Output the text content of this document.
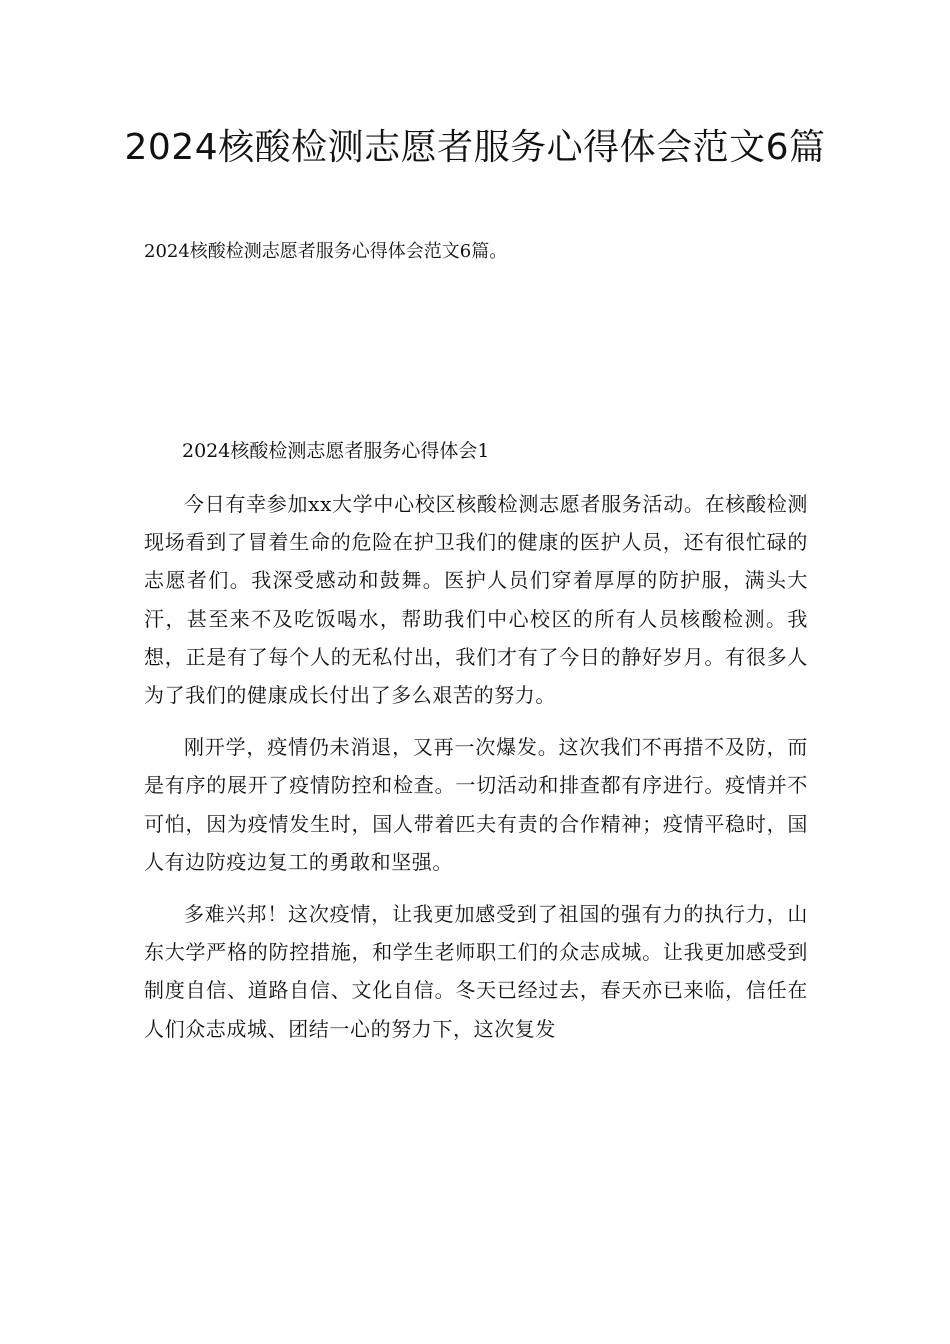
2024核酸检测志愿者服务心得体会范文6篇

2024核酸检测志愿者服务心得体会范文6篇。

2024核酸检测志愿者服务心得体会1

今日有幸参加xx大学中心校区核酸检测志愿者服务活动。在核酸检测现场看到了冒着生命的危险在护卫我们的健康的医护人员，还有很忙碌的志愿者们。我深受感动和鼓舞。医护人员们穿着厚厚的防护服，满头大汗，甚至来不及吃饭喝水，帮助我们中心校区的所有人员核酸检测。我想，正是有了每个人的无私付出，我们才有了今日的静好岁月。有很多人为了我们的健康成长付出了多么艰苦的努力。

刚开学，疫情仍未消退，又再一次爆发。这次我们不再措不及防，而是有序的展开了疫情防控和检查。一切活动和排查都有序进行。疫情并不可怕，因为疫情发生时，国人带着匹夫有责的合作精神；疫情平稳时，国人有边防疫边复工的勇敢和坚强。

多难兴邦！这次疫情，让我更加感受到了祖国的强有力的执行力，山东大学严格的防控措施，和学生老师职工们的众志成城。让我更加感受到制度自信、道路自信、文化自信。冬天已经过去，春天亦已来临，信任在人们众志成城、团结一心的努力下，这次复发
